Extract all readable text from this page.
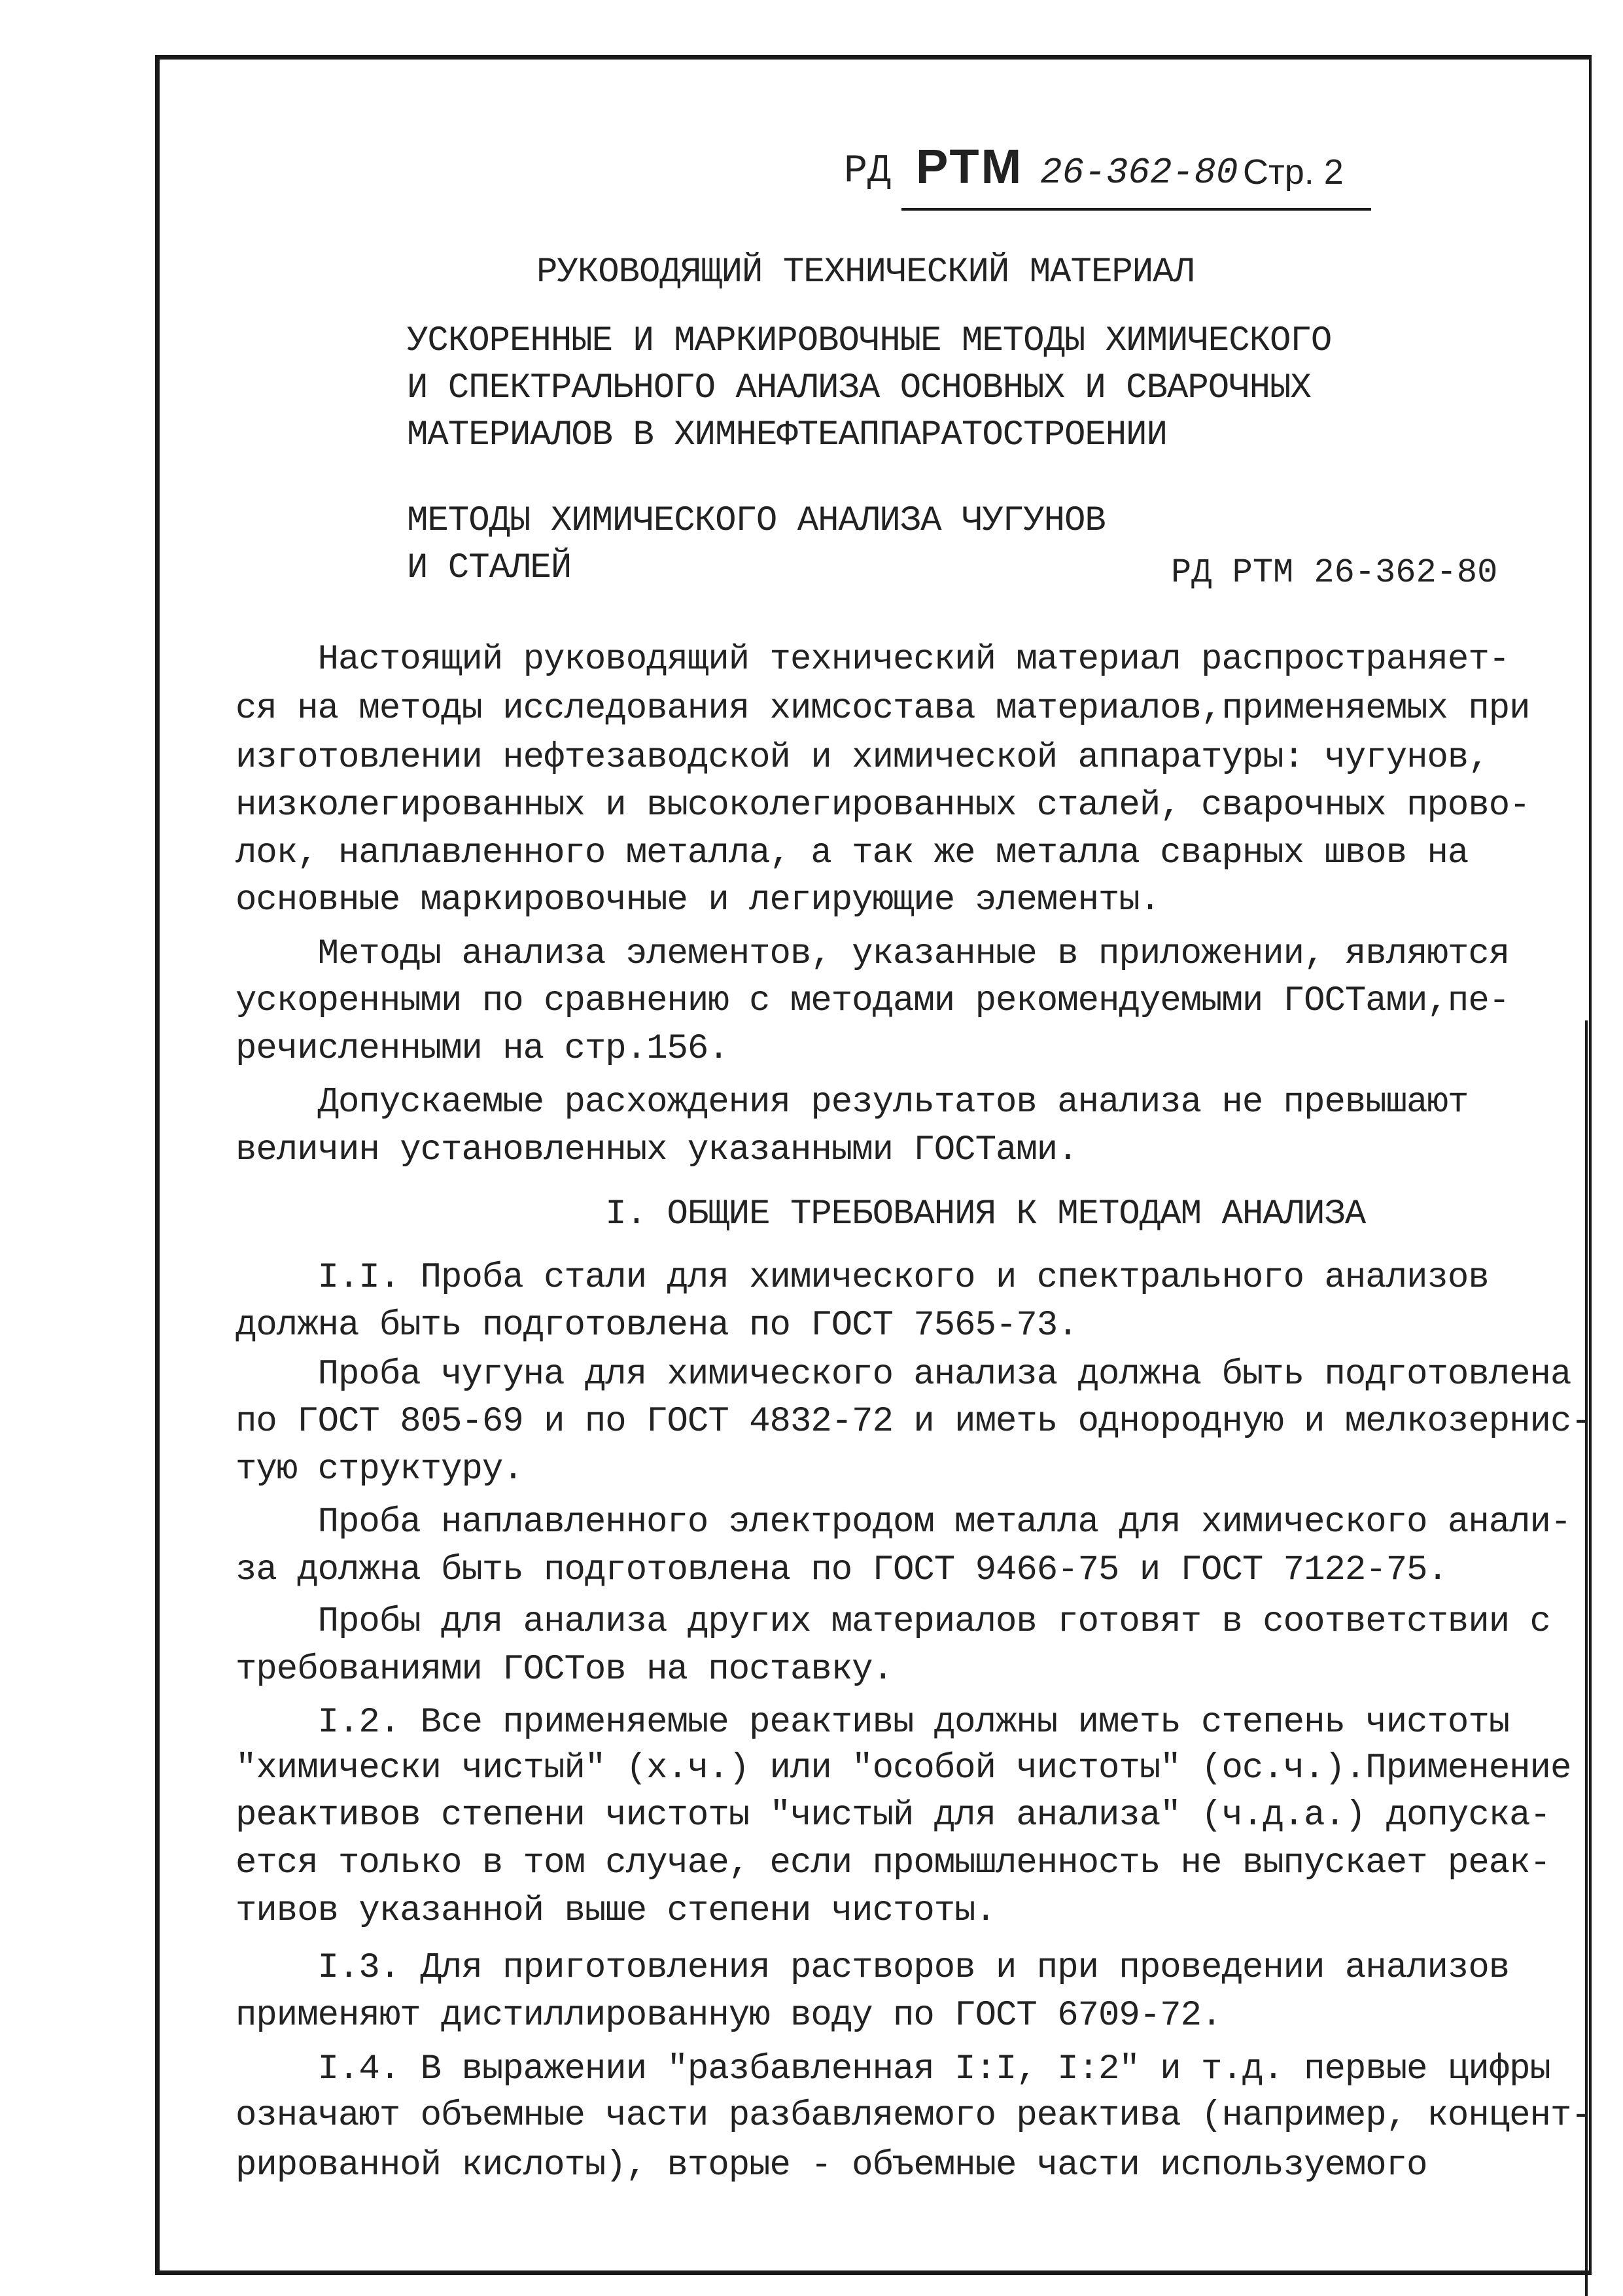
РД РТМ 26-362-80 Стр. 2
РУКОВОДЯЩИЙ ТЕХНИЧЕСКИЙ МАТЕРИАЛ
УСКОРЕННЫЕ И МАРКИРОВОЧНЫЕ МЕТОДЫ ХИМИЧЕСКОГО
И СПЕКТРАЛЬНОГО АНАЛИЗА ОСНОВНЫХ И СВАРОЧНЫХ
МАТЕРИАЛОВ В ХИМНЕФТЕАППАРАТОСТРОЕНИИ
МЕТОДЫ ХИМИЧЕСКОГО АНАЛИЗА ЧУГУНОВ
И СТАЛЕЙ	РД РТМ 26-362-80
Настоящий руководящий технический материал распространяет-
ся на методы исследования химсостава материалов,применяемых при
изготовлении нефтезаводской и химической аппаратуры: чугунов,
низколегированных и высоколегированных сталей, сварочных прово-
лок, наплавленного металла, а так же металла сварных швов на
основные маркировочные и легирующие элементы.
Методы анализа элементов, указанные в приложении, являются
ускоренными по сравнению с методами рекомендуемыми ГОСТами,пе-
речисленными на стр.156.
Допускаемые расхождения результатов анализа не превышают
величин установленных указанными ГОСТами.
I. ОБЩИЕ ТРЕБОВАНИЯ К МЕТОДАМ АНАЛИЗА
I.I. Проба стали для химического и спектрального анализов
должна быть подготовлена по ГОСТ 7565-73.
Проба чугуна для химического анализа должна быть подготовлена
по ГОСТ 805-69 и по ГОСТ 4832-72 и иметь однородную и мелкозернис-
тую структуру.
Проба наплавленного электродом металла для химического анали-
за должна быть подготовлена по ГОСТ 9466-75 и ГОСТ 7122-75.
Пробы для анализа других материалов готовят в соответствии с
требованиями ГОСТов на поставку.
I.2. Все применяемые реактивы должны иметь степень чистоты
"химически чистый" (х.ч.) или "особой чистоты" (ос.ч.).Применение
реактивов степени чистоты "чистый для анализа" (ч.д.а.) допуска-
ется только в том случае, если промышленность не выпускает реак-
тивов указанной выше степени чистоты.
I.3. Для приготовления растворов и при проведении анализов
применяют дистиллированную воду по ГОСТ 6709-72.
I.4. В выражении "разбавленная I:I, I:2" и т.д. первые цифры
означают объемные части разбавляемого реактива (например, концент-
рированной кислоты), вторые - объемные части используемого
